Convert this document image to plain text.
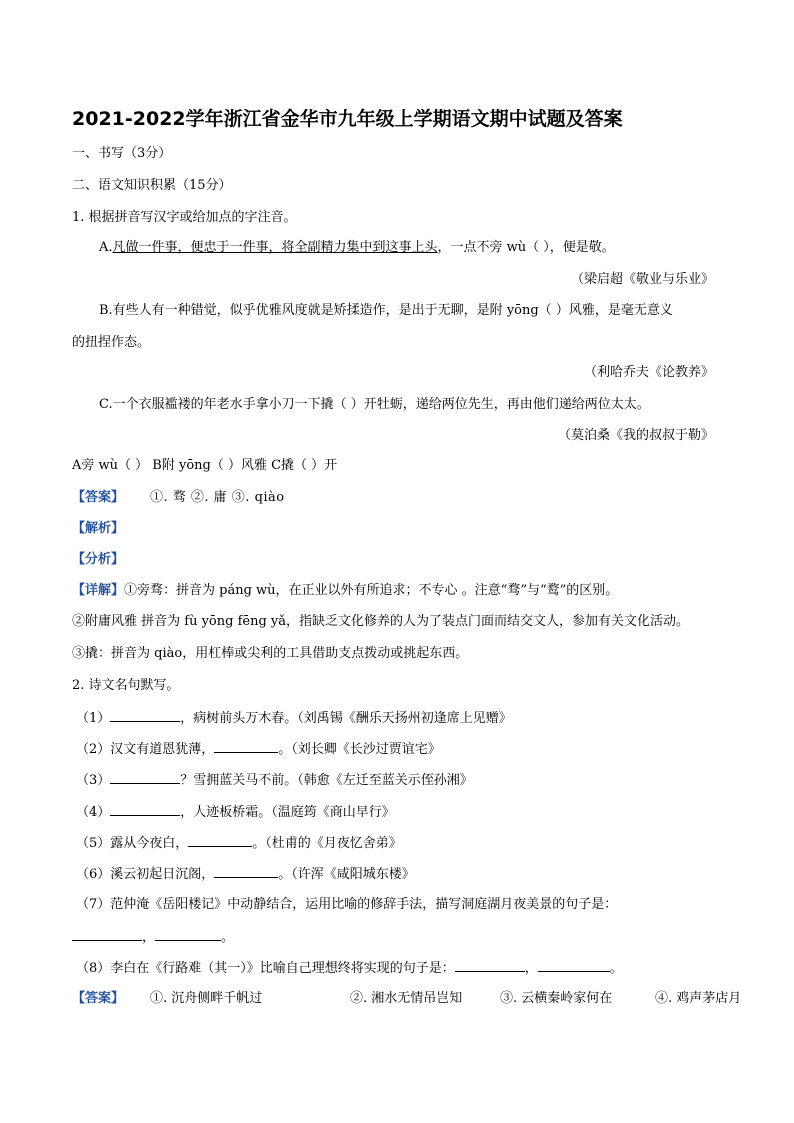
2021-2022学年浙江省金华市九年级上学期语文期中试题及答案
一、书写（3分）
二、语文知识积累（15分）
1. 根据拼音写汉字或给加点的字注音。
A.凡做一件事，便忠于一件事，将全副精力集中到这事上头，一点不旁 wù（ ），便是敬。
（梁启超《敬业与乐业》
B.有些人有一种错觉，似乎优雅风度就是矫揉造作，是出于无聊，是附 yōng（ ）风雅，是毫无意义
的扭捏作态。
（利哈乔夫《论教养》
C.一个衣服褴褛的年老水手拿小刀一下撬（ ）开牡蛎，递给两位先生，再由他们递给两位太太。
（莫泊桑《我的叔叔于勒》
A旁 wù（ ） B附 yōng（ ）风雅 C撬（ ）开
【答案】 ①. 骛 ②. 庸 ③. qiào
【解析】
【分析】
【详解】①旁骛：拼音为 páng wù，在正业以外有所追求；不专心 。注意“骛”与“鹜”的区别。
②附庸风雅 拼音为 fù yōng fēng yǎ，指缺乏文化修养的人为了装点门面而结交文人，参加有关文化活动。
③撬：拼音为 qiào，用杠棒或尖利的工具借助支点拨动或挑起东西。
2. 诗文名句默写。
（1）	，病树前头万木春。（刘禹锡《酬乐天扬州初逢席上见赠》
（2）汉文有道恩犹薄，	。（刘长卿《长沙过贾谊宅》
（3）	？雪拥蓝关马不前。（韩愈《左迁至蓝关示侄孙湘》
（4）	，人迹板桥霜。（温庭筠《商山早行》
（5）露从今夜白，	。（杜甫的《月夜忆舍弟》
（6）溪云初起日沉阁，	。（许浑《咸阳城东楼》
（7）范仲淹《岳阳楼记》中动静结合，运用比喻的修辞手法，描写洞庭湖月夜美景的句子是：
，	。
（8）李白在《行路难（其一）》比喻自己理想终将实现的句子是：	，	。
【答案】 ①. 沉舟侧畔千帆过	②. 湘水无情吊岂知	③. 云横秦岭家何在	④. 鸡声茅店月
